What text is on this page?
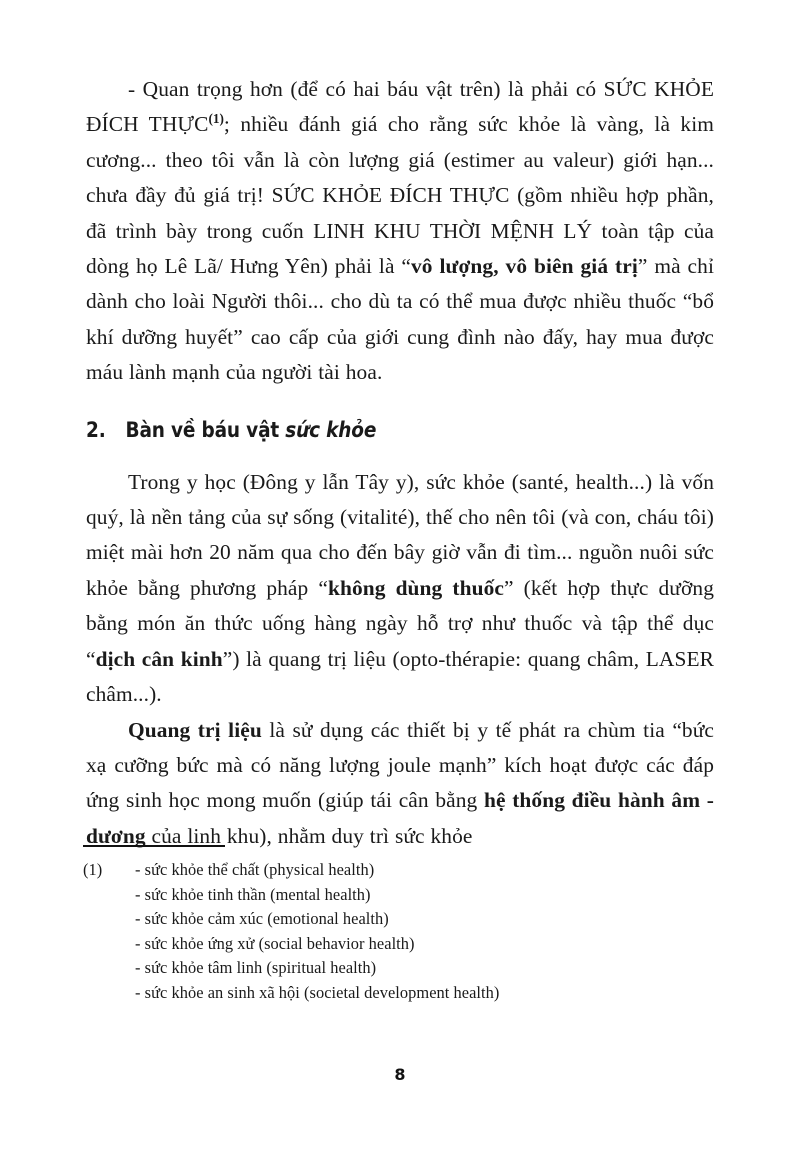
- Quan trọng hơn (để có hai báu vật trên) là phải có SỨC KHỎE ĐÍCH THỰC$^{(1)}$; nhiều đánh giá cho rằng sức khỏe là vàng, là kim cương... theo tôi vẫn là còn lượng giá (estimer au valeur) giới hạn... chưa đầy đủ giá trị! SỨC KHỎE ĐÍCH THỰC (gồm nhiều hợp phần, đã trình bày trong cuốn LINH KHU THỜI MỆNH LÝ toàn tập của dòng họ Lê Lã/ Hưng Yên) phải là “vô lượng, vô biên giá trị” mà chỉ dành cho loài Người thôi... cho dù ta có thể mua được nhiều thuốc “bổ khí dưỡng huyết” cao cấp của giới cung đình nào đấy, hay mua được máu lành mạnh của người tài hoa.

2. Bàn về báu vật sức khỏe

Trong y học (Đông y lẫn Tây y), sức khỏe (santé, health...) là vốn quý, là nền tảng của sự sống (vitalité), thế cho nên tôi (và con, cháu tôi) miệt mài hơn 20 năm qua cho đến bây giờ vẫn đi tìm... nguồn nuôi sức khỏe bằng phương pháp “không dùng thuốc” (kết hợp thực dưỡng bằng món ăn thức uống hàng ngày hỗ trợ như thuốc và tập thể dục “dịch cân kinh”) là quang trị liệu (opto-thérapie: quang châm, LASER châm...).

Quang trị liệu là sử dụng các thiết bị y tế phát ra chùm tia “bức xạ cưỡng bức mà có năng lượng joule mạnh” kích hoạt được các đáp ứng sinh học mong muốn (giúp tái cân bằng hệ thống điều hành âm - dương của linh khu), nhằm duy trì sức khỏe

(1)	- sức khỏe thể chất (physical health)
- sức khỏe tinh thần (mental health)
- sức khỏe cảm xúc (emotional health)
- sức khỏe ứng xử (social behavior health)
- sức khỏe tâm linh (spiritual health)
- sức khỏe an sinh xã hội (societal development health)
8
